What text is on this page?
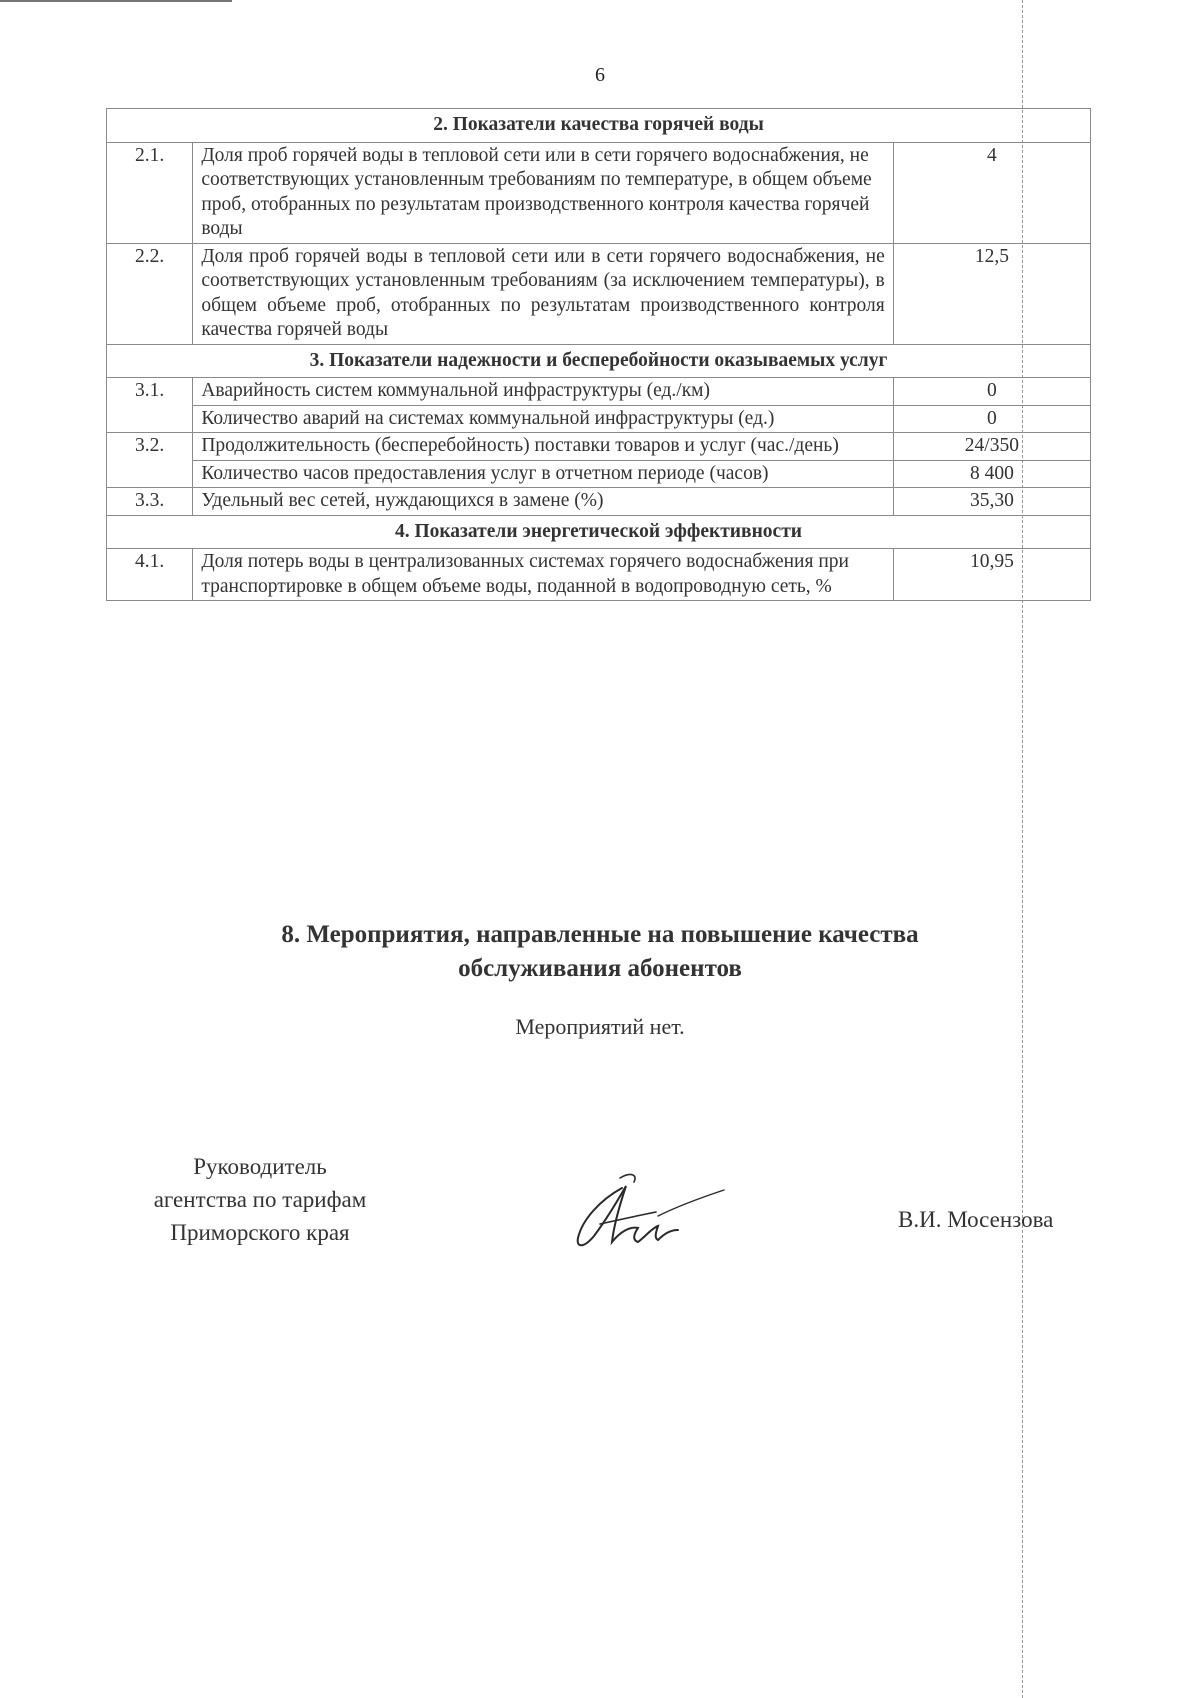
6
2. Показатели качества горячей воды		
2.1.	Доля проб горячей воды в тепловой сети или в сети горячего водоснабжения, не соответствующих установленным требованиям по температуре, в общем объеме проб, отобранных по результатам производственного контроля качества горячей воды	4
2.2.	Доля проб горячей воды в тепловой сети или в сети горячего водоснабжения, не соответствующих установленным требованиям (за исключением температуры), в общем объеме проб, отобранных по результатам производственного контроля качества горячей воды	12,5
3. Показатели надежности и бесперебойности оказываемых услуг		
3.1.	Аварийность систем коммунальной инфраструктуры (ед./км)	0
	Количество аварий на системах коммунальной инфраструктуры (ед.)	0
3.2.	Продолжительность (бесперебойность) поставки товаров и услуг (час./день)	24/350
	Количество часов предоставления услуг в отчетном периоде (часов)	8 400
3.3.	Удельный вес сетей, нуждающихся в замене (%)	35,30
4. Показатели энергетической эффективности		
4.1.	Доля потерь воды в централизованных системах горячего водоснабжения при транспортировке в общем объеме воды, поданной в водопроводную сеть, %	10,95
8. Мероприятия, направленные на повышение качества
обслуживания абонентов
Мероприятий нет.
Руководитель
агентства по тарифам
Приморского края
В.И. Мосензова
